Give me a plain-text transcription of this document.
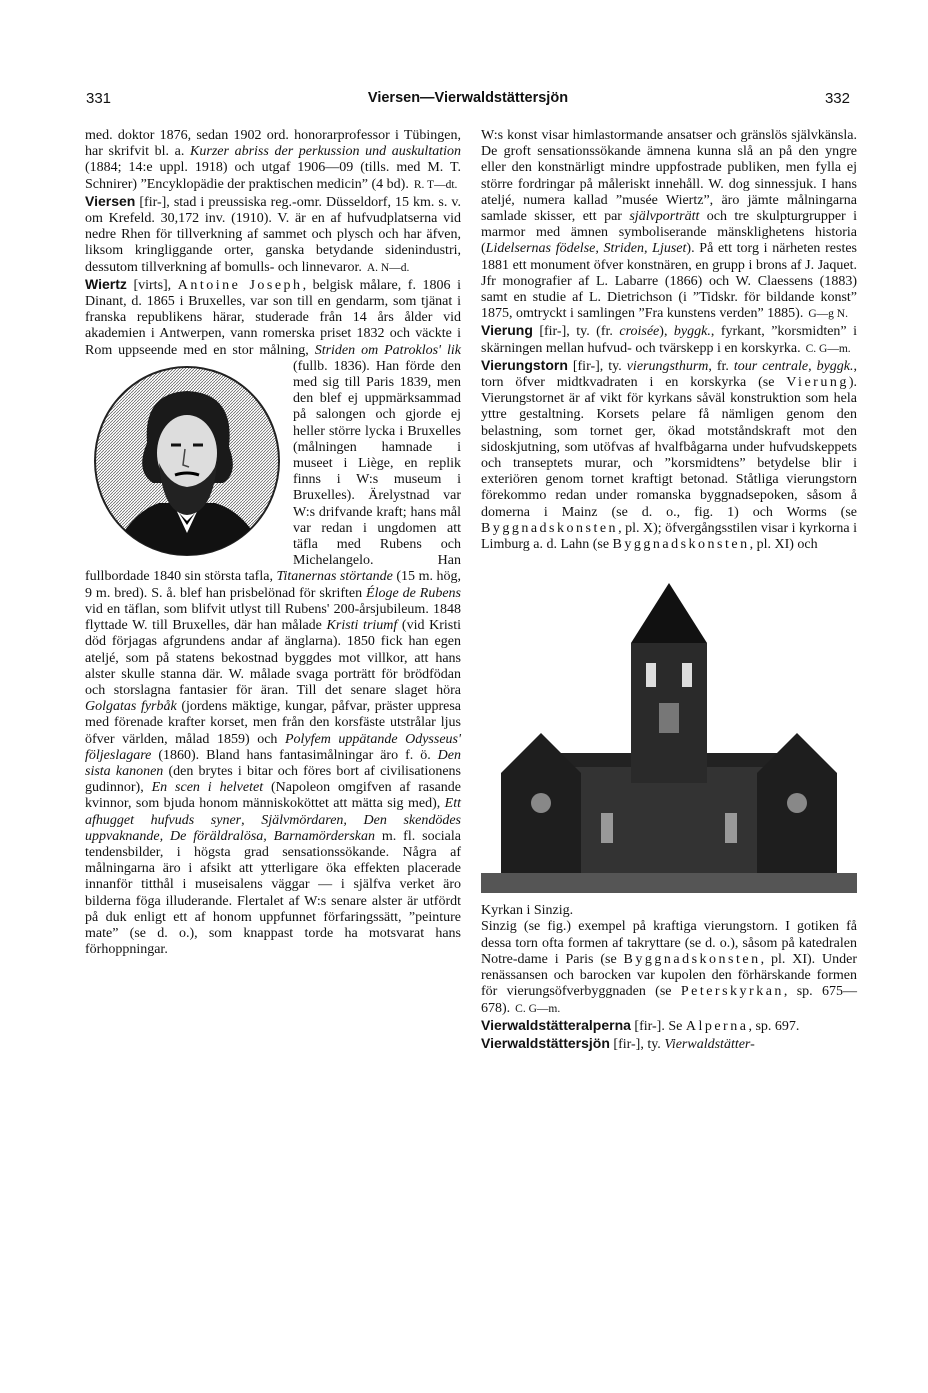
331	Viersen—Vierwaldstättersjön	332

med. doktor 1876, sedan 1902 ord. honorarprofessor i Tübingen, har skrifvit bl. a. Kurzer abriss der perkussion und auskultation (1884; 14:e uppl. 1918) och utgaf 1906—09 (tills. med M. T. Schnirer) ”Encyklopädie der praktischen medicin” (4 bd). R. T—dt.

Viersen [fir-], stad i preussiska reg.-omr. Düsseldorf, 15 km. s. v. om Krefeld. 30,172 inv. (1910). V. är en af hufvudplatserna vid nedre Rhen för tillverkning af sammet och plysch och har äfven, liksom kringliggande orter, ganska betydande sidenindustri, dessutom tillverkning af bomulls- och linnevaror. A. N—d.

Wiertz [virts], Antoine Joseph, belgisk målare, f. 1806 i Dinant, d. 1865 i Bruxelles, var son till en gendarm, som tjänat i franska republikens härar, studerade från 14 års ålder vid akademien i Antwerpen, vann romerska priset 1832 och väckte i Rom uppseende med en stor målning,
Striden om Patroklos' lik (fullb. 1836). Han förde den med sig till Paris 1839, men den blef ej uppmärksammad på salongen och gjorde ej heller större lycka i Bruxelles (målningen hamnade i museet i Liège, en replik finns i W:s museum i Bruxelles). Ärelystnad var W:s drifvande kraft; hans mål var redan i ungdomen att täfla med Rubens och Michelangelo. Han fullbordade 1840 sin största tafla, Titanernas störtande (15 m. hög, 9 m. bred). S. å. blef han prisbelönad för skriften Éloge de Rubens vid en täflan, som blifvit utlyst till Rubens' 200-årsjubileum. 1848 flyttade W. till Bruxelles, där han målade Kristi triumf (vid Kristi död förjagas afgrundens andar af änglarna). 1850 fick han egen ateljé, som på statens bekostnad byggdes mot villkor, att hans alster skulle stanna där. W. målade svaga porträtt för brödfödan och storslagna fantasier för äran. Till det senare slaget höra Golgatas fyrbåk (jordens mäktige, kungar, påfvar, präster uppresa med förenade krafter korset, men från den korsfäste utstrålar ljus öfver världen, målad 1859) och Polyfem uppätande Odysseus' följeslagare (1860). Bland hans fantasimålningar äro f. ö. Den sista kanonen (den brytes i bitar och föres bort af civilisationens gudinnor), En scen i helvetet (Napoleon omgifven af rasande kvinnor, som bjuda honom människoköttet att mätta sig med), Ett afhugget hufvuds syner, Självmördaren, Den skendödes uppvaknande, De föräldralösa, Barnamörderskan m. fl. sociala tendensbilder, i högsta grad sensationssökande. Några af målningarna äro i afsikt att ytterligare öka effekten placerade innanför titthål i museisalens väggar — i själfva verket äro bilderna föga illuderande. Flertalet af W:s senare alster är utfördt på duk enligt ett af honom uppfunnet förfaringssätt, ”peinture mate” (se d. o.), som knappast torde ha motsvarat hans förhoppningar.

W:s konst visar himlastormande ansatser och gränslös självkänsla. De groft sensationssökande ämnena kunna slå an på den yngre eller den konstnärligt mindre uppfostrade publiken, men fylla ej större fordringar på måleriskt innehåll. W. dog sinnessjuk. I hans ateljé, numera kallad ”musée Wiertz”, äro jämte målningarna samlade skisser, ett par självporträtt och tre skulpturgrupper i marmor med ämnen symboliserande mänsklighetens historia (Lidelsernas födelse, Striden, Ljuset). På ett torg i närheten restes 1881 ett monument öfver konstnären, en grupp i brons af J. Jaquet. Jfr monografier af L. Labarre (1866) och W. Claessens (1883) samt en studie af L. Dietrichson (i ”Tidskr. för bildande konst” 1875, omtryckt i samlingen ”Fra kunstens verden” 1885). G—g N.

Vierung [fir-], ty. (fr. croisée), byggk., fyrkant, ”korsmidten” i skärningen mellan hufvud- och tvärskepp i en korskyrka. C. G—m.

Vierungstorn [fir-], ty. vierungsthurm, fr. tour centrale, byggk., torn öfver midtkvadraten i en korskyrka (se Vierung). Vierungstornet är af vikt för kyrkans såväl konstruktion som hela yttre gestaltning. Korsets pelare få nämligen genom den belastning, som tornet ger, ökad motståndskraft mot den sidoskjutning, som utöfvas af hvalfbågarna under hufvudskeppets och transeptets murar, och ”korsmidtens” betydelse blir i exteriören genom tornet kraftigt betonad. Ståtliga vierungstorn förekommo redan under romanska byggnadsepoken, såsom å domerna i Mainz (se d. o., fig. 1) och Worms (se Byggnadskonsten, pl. X); öfvergångsstilen visar i kyrkorna i Limburg a. d. Lahn (se Byggnadskonsten, pl. XI) och

Kyrkan i Sinzig.

Sinzig (se fig.) exempel på kraftiga vierungstorn. I gotiken få dessa torn ofta formen af takryttare (se d. o.), såsom på katedralen Notre-dame i Paris (se Byggnadskonsten, pl. XI). Under renässansen och barocken var kupolen den förhärskande formen för vierungsöfverbyggnaden (se Peterskyrkan, sp. 675—678). C. G—m.

Vierwaldstätteralperna [fir-]. Se Alperna, sp. 697.

Vierwaldstättersjön [fir-], ty. Vierwaldstätter-
